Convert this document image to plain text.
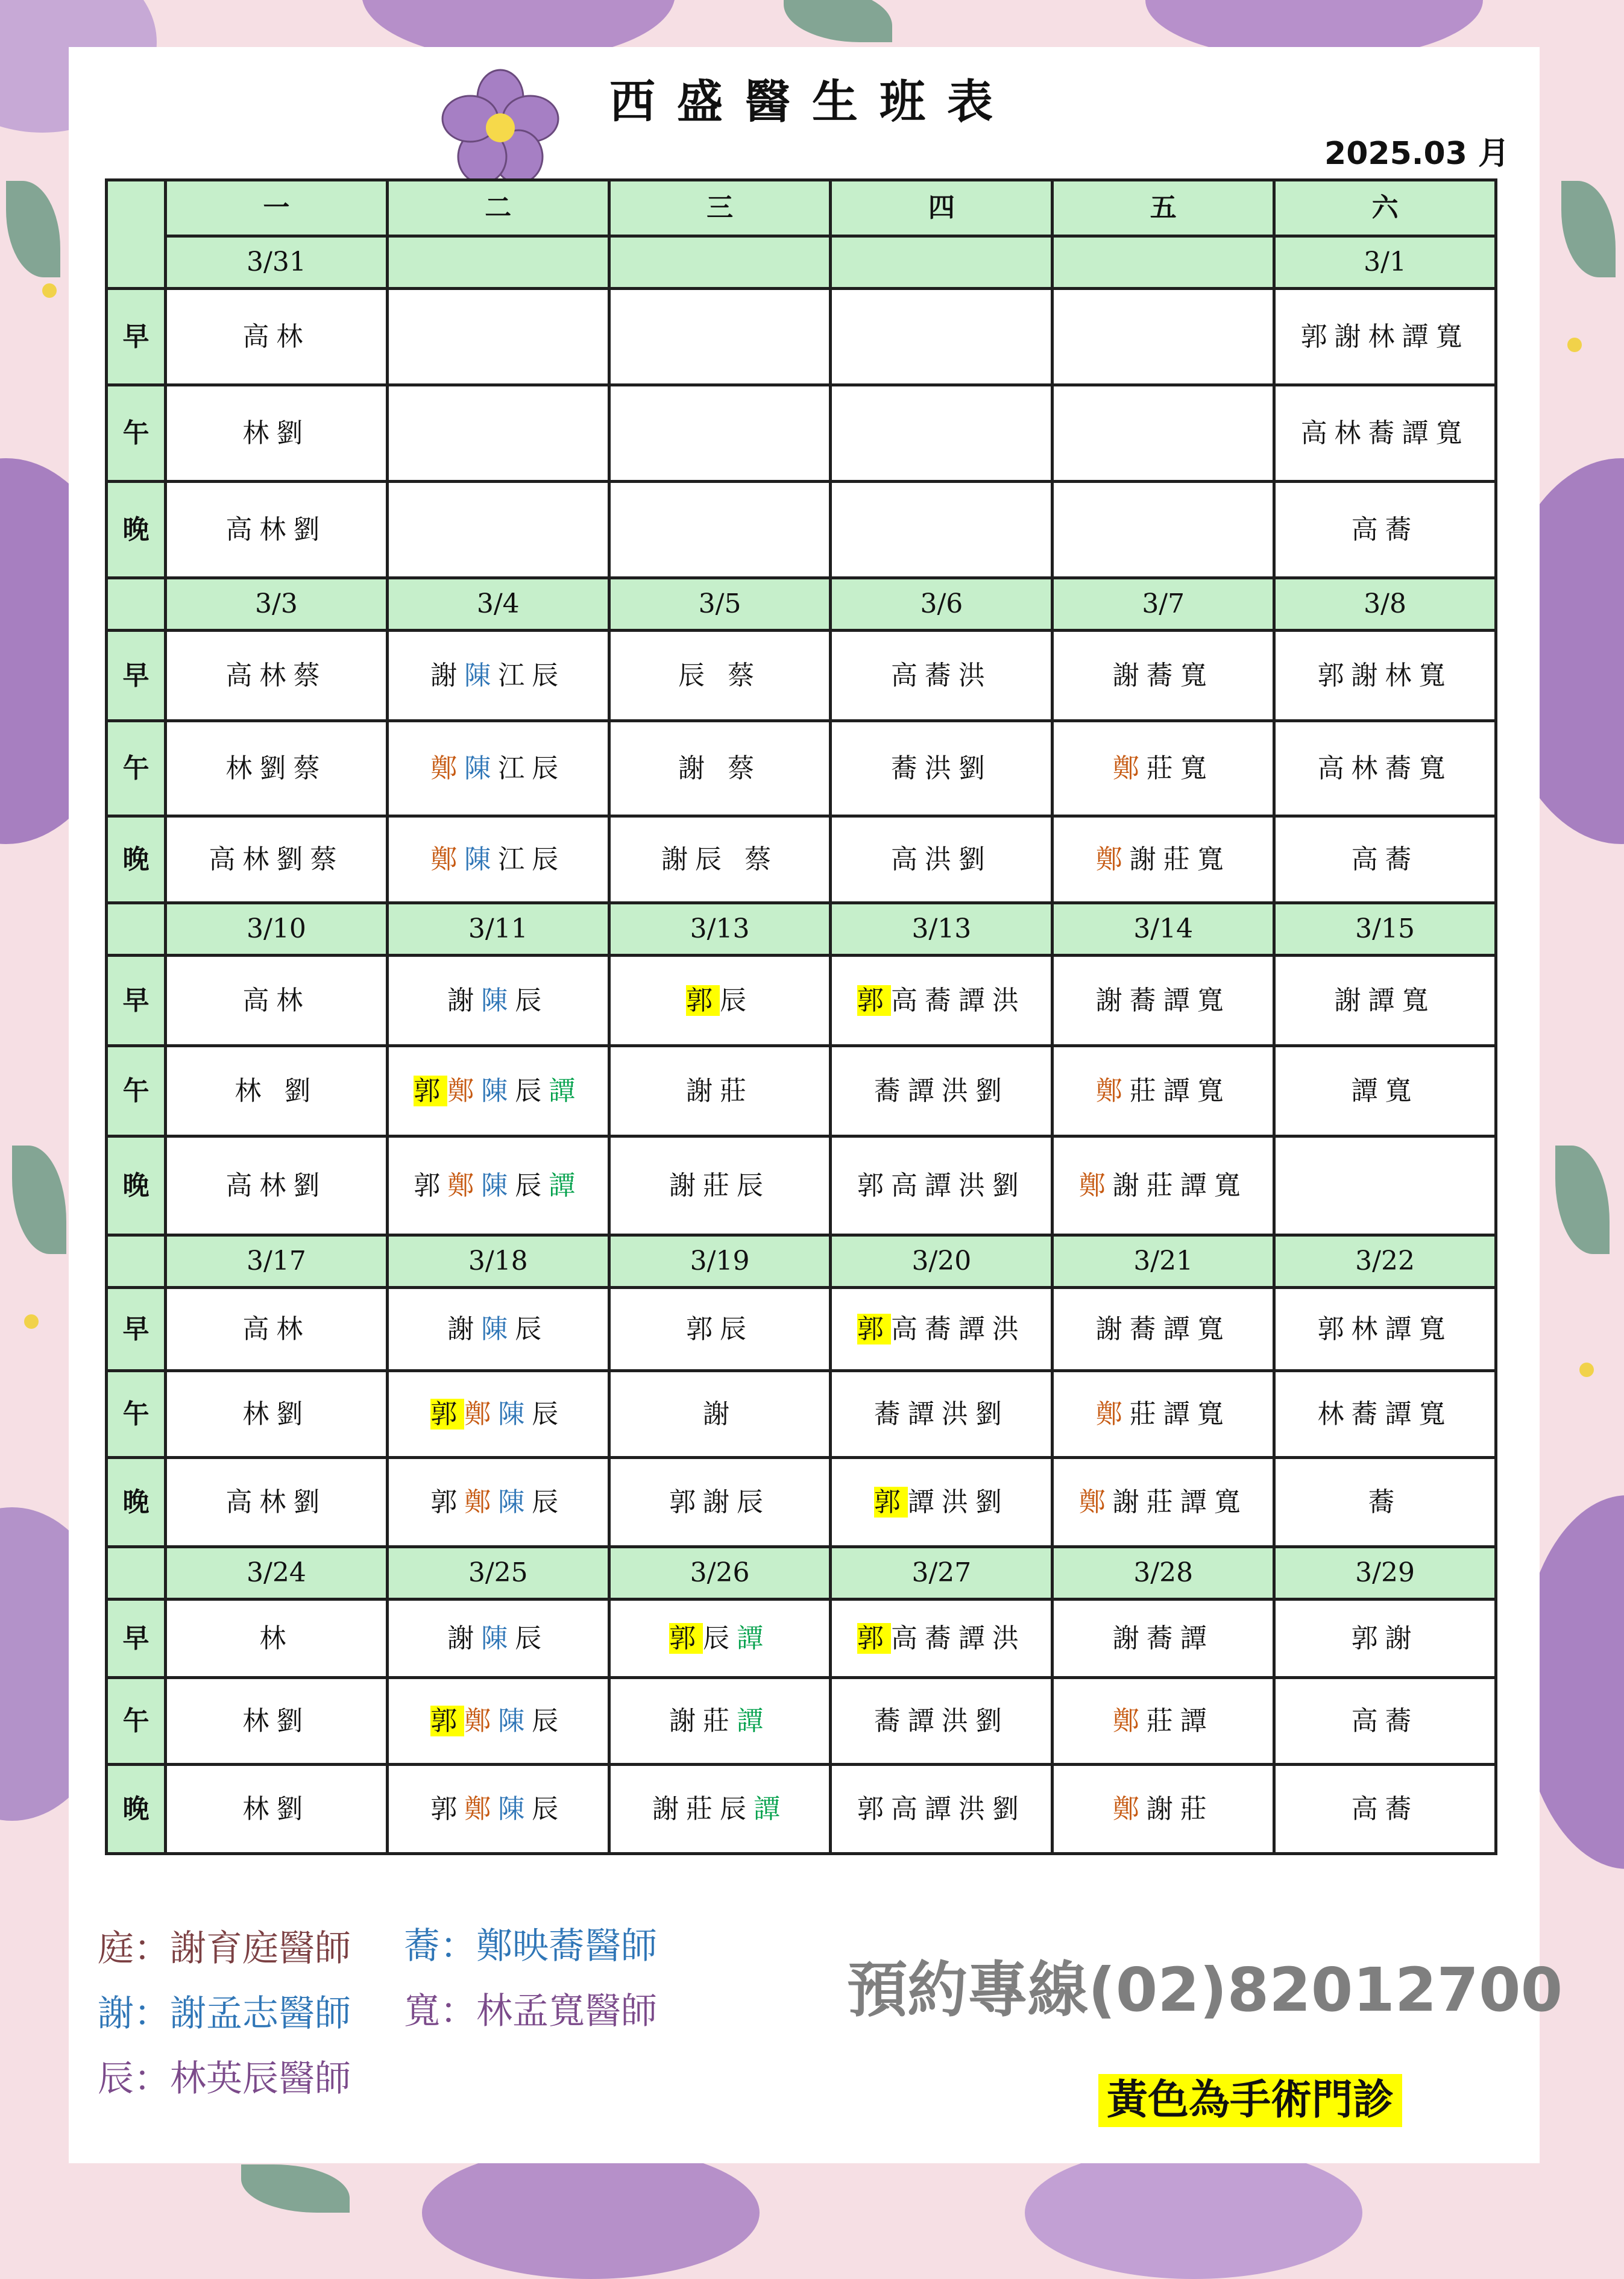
西盛醫生班表
2025.03 月
	一	二	三	四	五	六
	3/31					3/1
早	高林					郭謝林譚寬
午	林劉					高林蕎譚寬
晚	高林劉					高蕎
	3/3	3/4	3/5	3/6	3/7	3/8
早	高林蔡	謝陳江辰	辰 蔡	高蕎洪	謝蕎寬	郭謝林寬
午	林劉蔡	鄭陳江辰	謝 蔡	蕎洪劉	鄭莊寬	高林蕎寬
晚	高林劉蔡	鄭陳江辰	謝辰 蔡	高洪劉	鄭謝莊寬	高蕎
	3/10	3/11	3/13	3/13	3/14	3/15
早	高林	謝陳辰	郭辰	郭高蕎譚洪	謝蕎譚寬	謝譚寬
午	林 劉	郭鄭陳辰譚	謝莊	蕎譚洪劉	鄭莊譚寬	譚寬
晚	高林劉	郭鄭陳辰譚	謝莊辰	郭高譚洪劉	鄭謝莊譚寬	
	3/17	3/18	3/19	3/20	3/21	3/22
早	高林	謝陳辰	郭辰	郭高蕎譚洪	謝蕎譚寬	郭林譚寬
午	林劉	郭鄭陳辰	謝	蕎譚洪劉	鄭莊譚寬	林蕎譚寬
晚	高林劉	郭鄭陳辰	郭謝辰	郭譚洪劉	鄭謝莊譚寬	蕎
	3/24	3/25	3/26	3/27	3/28	3/29
早	林	謝陳辰	郭辰譚	郭高蕎譚洪	謝蕎譚	郭謝
午	林劉	郭鄭陳辰	謝莊譚	蕎譚洪劉	鄭莊譚	高蕎
晚	林劉	郭鄭陳辰	謝莊辰譚	郭高譚洪劉	鄭謝莊	高蕎
庭：謝育庭醫師
謝：謝孟志醫師
辰：林英辰醫師
蕎：鄭映蕎醫師
寬：林孟寬醫師	預約專線(02)82012700
黃色為手術門診
